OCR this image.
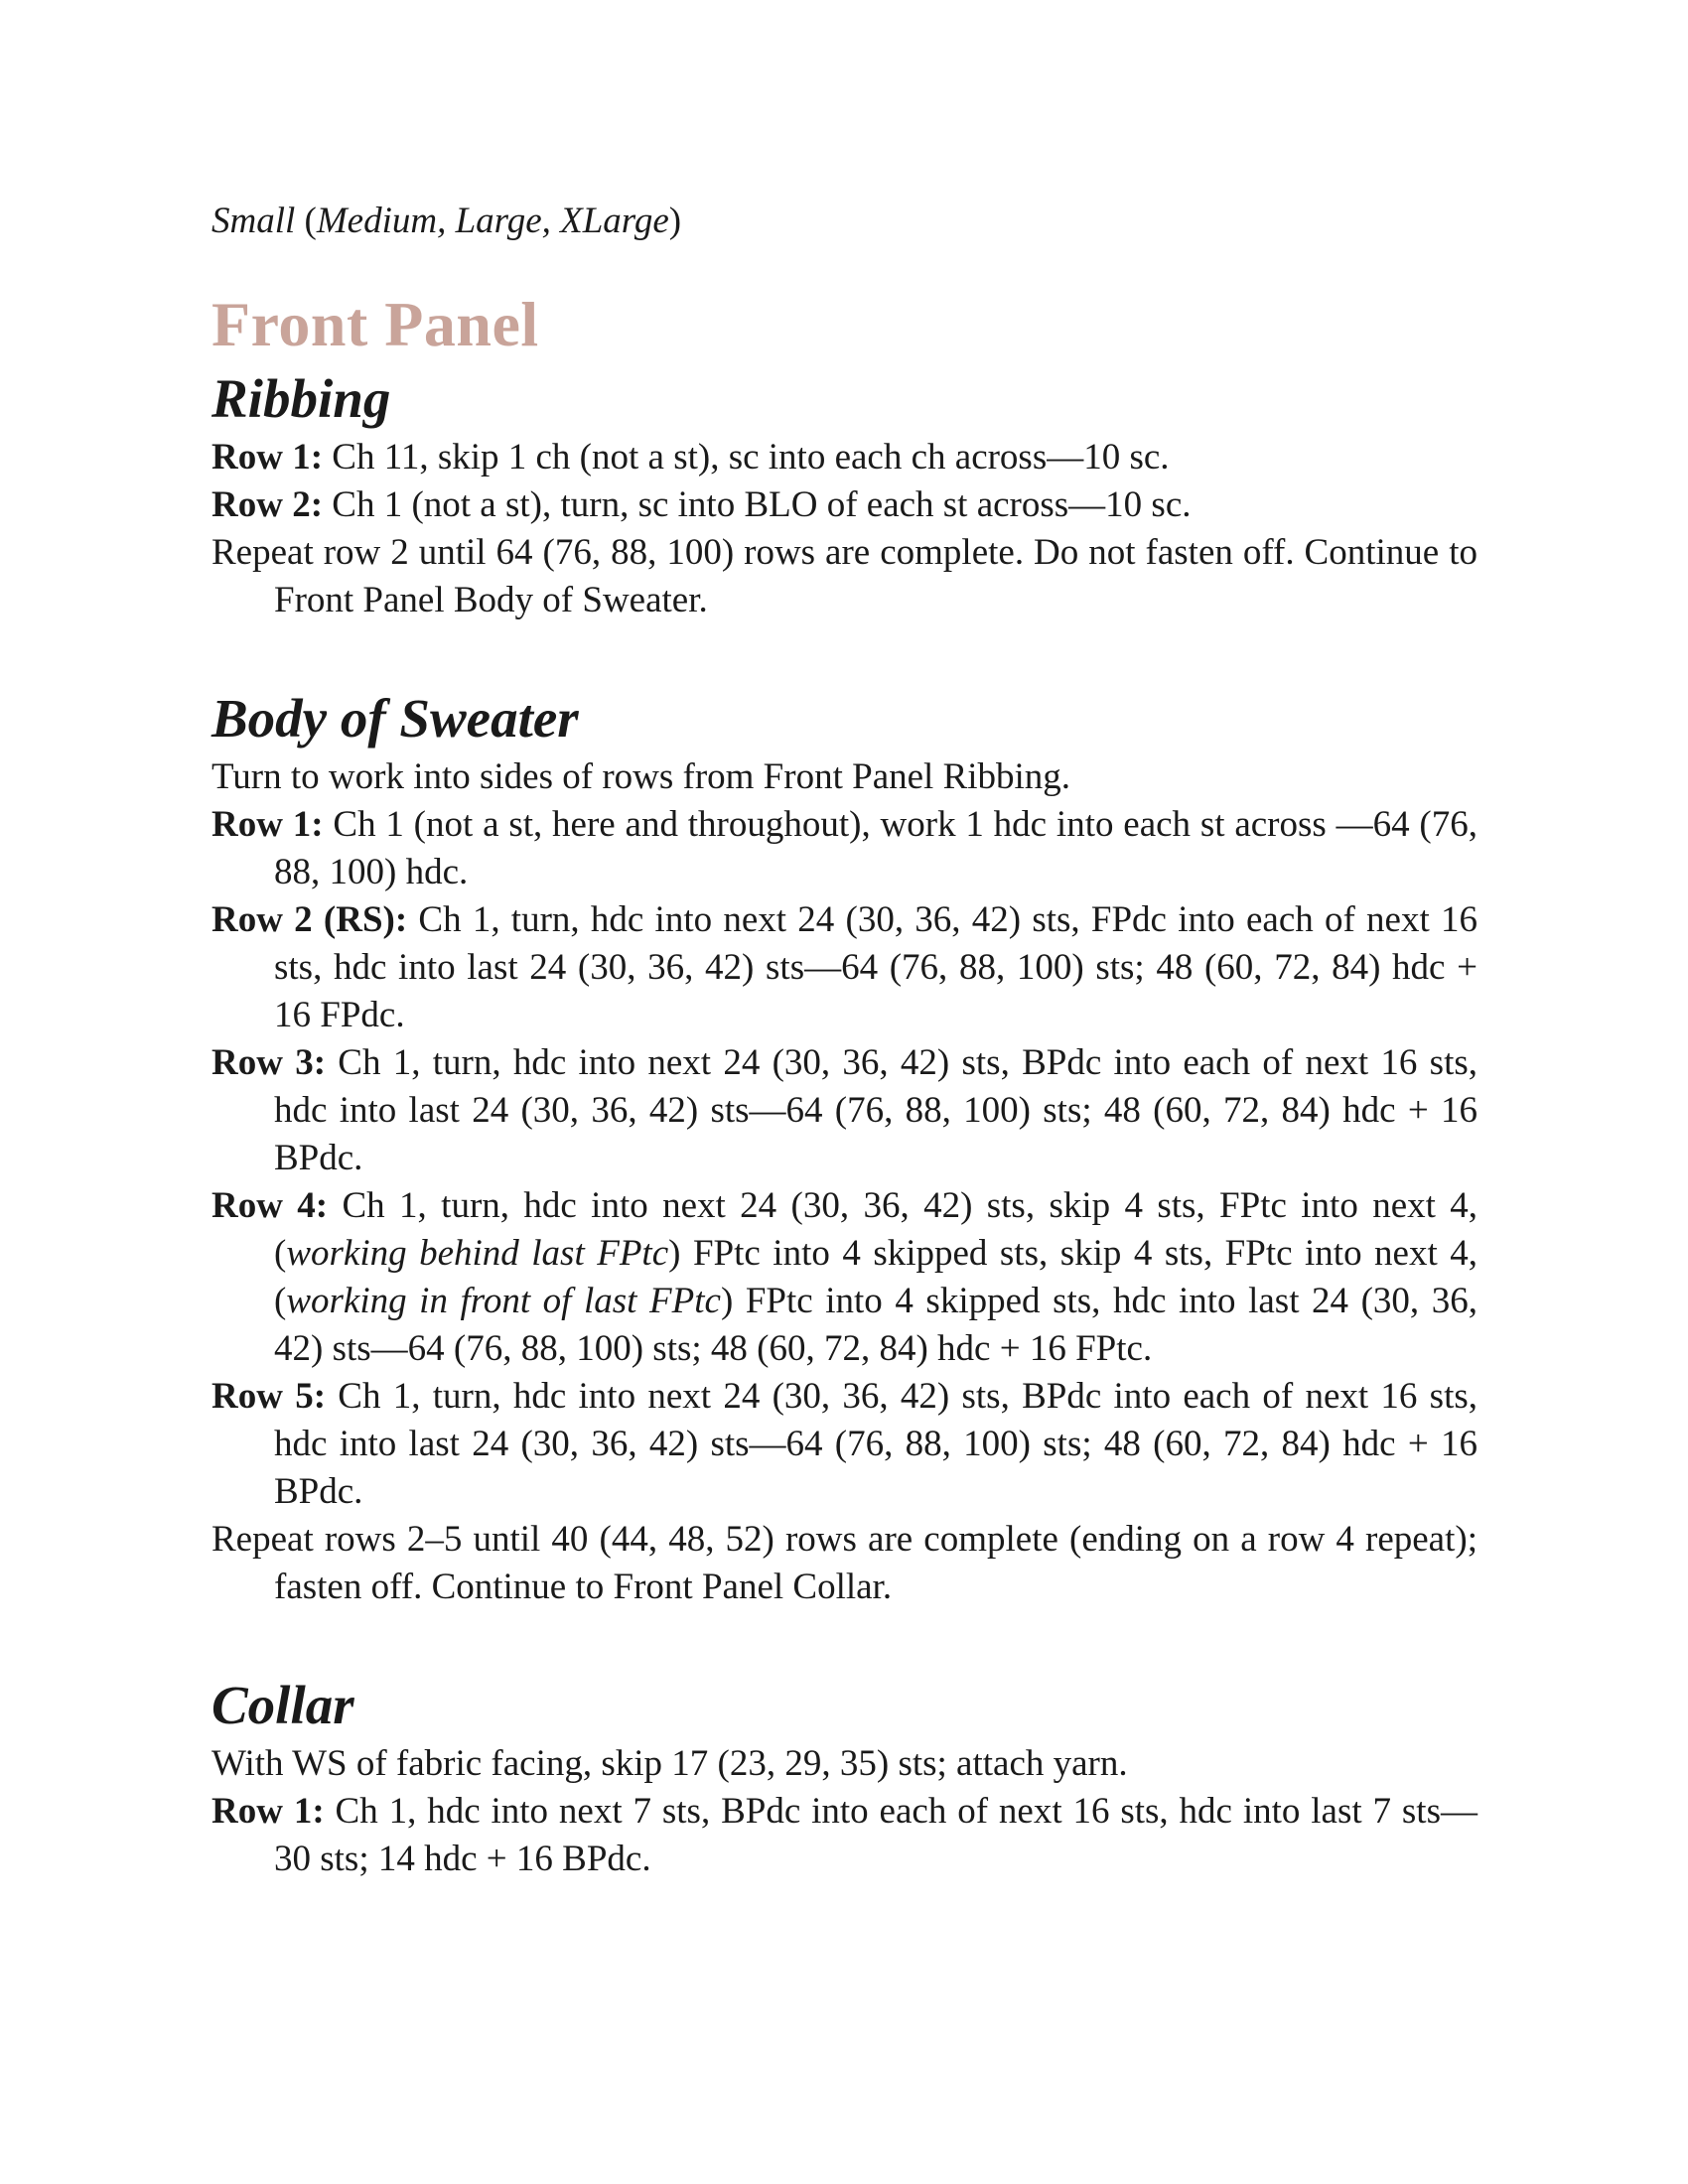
Small (Medium, Large, XLarge)

Front Panel
Ribbing

Row 1: Ch 11, skip 1 ch (not a st), sc into each ch across—10 sc.

Row 2: Ch 1 (not a st), turn, sc into BLO of each st across—10 sc.

Repeat row 2 until 64 (76, 88, 100) rows are complete. Do not fasten off. Continue to Front Panel Body of Sweater.

Body of Sweater

Turn to work into sides of rows from Front Panel Ribbing.

Row 1: Ch 1 (not a st, here and throughout), work 1 hdc into each st across —64 (76, 88, 100) hdc.

Row 2 (RS): Ch 1, turn, hdc into next 24 (30, 36, 42) sts, FPdc into each of next 16 sts, hdc into last 24 (30, 36, 42) sts—64 (76, 88, 100) sts; 48 (60, 72, 84) hdc + 16 FPdc.

Row 3: Ch 1, turn, hdc into next 24 (30, 36, 42) sts, BPdc into each of next 16 sts, hdc into last 24 (30, 36, 42) sts—64 (76, 88, 100) sts; 48 (60, 72, 84) hdc + 16 BPdc.

Row 4: Ch 1, turn, hdc into next 24 (30, 36, 42) sts, skip 4 sts, FPtc into next 4, (working behind last FPtc) FPtc into 4 skipped sts, skip 4 sts, FPtc into next 4, (working in front of last FPtc) FPtc into 4 skipped sts, hdc into last 24 (30, 36, 42) sts—64 (76, 88, 100) sts; 48 (60, 72, 84) hdc + 16 FPtc.

Row 5: Ch 1, turn, hdc into next 24 (30, 36, 42) sts, BPdc into each of next 16 sts, hdc into last 24 (30, 36, 42) sts—64 (76, 88, 100) sts; 48 (60, 72, 84) hdc + 16 BPdc.

Repeat rows 2–5 until 40 (44, 48, 52) rows are complete (ending on a row 4 repeat); fasten off. Continue to Front Panel Collar.

Collar

With WS of fabric facing, skip 17 (23, 29, 35) sts; attach yarn.

Row 1: Ch 1, hdc into next 7 sts, BPdc into each of next 16 sts, hdc into last 7 sts—30 sts; 14 hdc + 16 BPdc.
